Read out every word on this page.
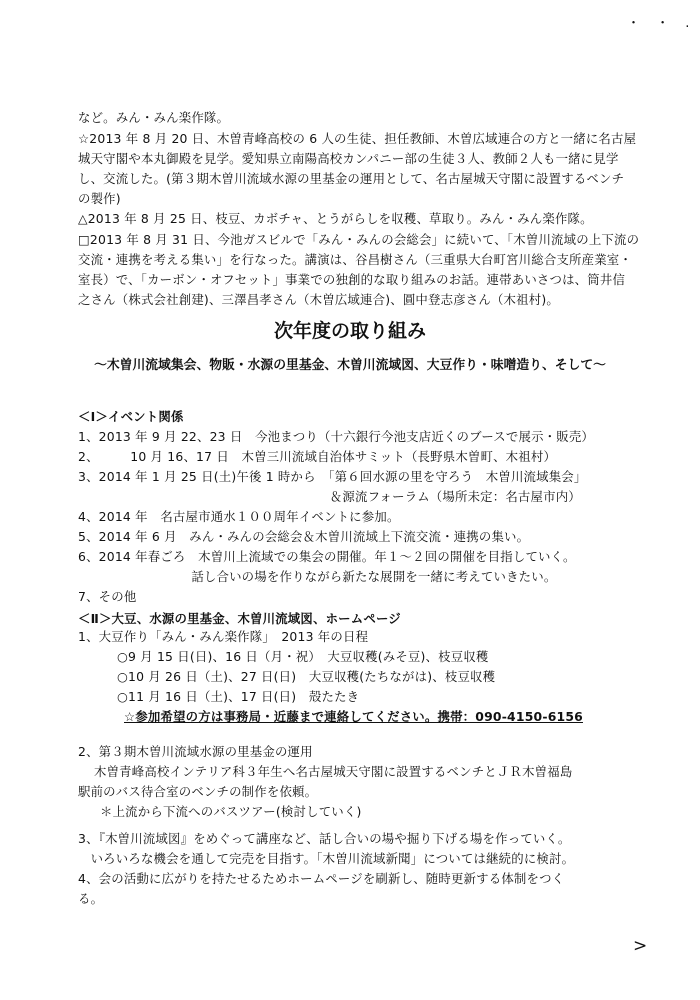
・ ・ .
など。みん・みん楽作隊。
☆2013 年 8 月 20 日、木曽青峰高校の 6 人の生徒、担任教師、木曽広域連合の方と一緒に名古屋
城天守閣や本丸御殿を見学。愛知県立南陽高校カンパニー部の生徒３人、教師２人も一緒に見学
し、交流した。(第３期木曽川流域水源の里基金の運用として、名古屋城天守閣に設置するベンチ
の製作)
△2013 年 8 月 25 日、枝豆、カボチャ、とうがらしを収穫、草取り。みん・みん楽作隊。
□2013 年 8 月 31 日、今池ガスビルで「みん・みんの会総会」に続いて、「木曽川流域の上下流の
交流・連携を考える集い」を行なった。講演は、谷昌樹さん（三重県大台町宮川総合支所産業室・
室長）で、「カーボン・オフセット」事業での独創的な取り組みのお話。連帯あいさつは、筒井信
之さん（株式会社創建)、三澤昌孝さん（木曽広域連合)、圓中登志彦さん（木祖村)。
次年度の取り組み
〜木曽川流域集会、物販・水源の里基金、木曽川流域図、大豆作り・味噌造り、そして〜
＜Ⅰ＞イベント関係
1、2013 年 9 月 22、23 日　今池まつり（十六銀行今池支店近くのブースで展示・販売）
2、　　　10 月 16、17 日　木曽三川流域自治体サミット（長野県木曽町、木祖村）
3、2014 年 1 月 25 日(土)午後 1 時から　「第６回水源の里を守ろう　木曽川流域集会」
　　　　　　　　　　　　　　　　　　　　＆源流フォーラム（場所未定：名古屋市内）
4、2014 年　名古屋市通水１００周年イベントに参加。
5、2014 年 6 月　みん・みんの会総会＆木曽川流域上下流交流・連携の集い。
6、2014 年春ごろ　木曽川上流域での集会の開催。年１～２回の開催を目指していく。
　　　　　　　　　話し合いの場を作りながら新たな展開を一緒に考えていきたい。
7、その他
＜Ⅱ＞大豆、水源の里基金、木曽川流域図、ホームページ
1、大豆作り「みん・みん楽作隊」　2013 年の日程
○9 月 15 日(日)、16 日（月・祝）　大豆収穫(みそ豆)、枝豆収穫
○10 月 26 日（土)、27 日(日)　大豆収穫(たちながは)、枝豆収穫
○11 月 16 日（土)、17 日(日)　殻たたき
☆参加希望の方は事務局・近藤まで連絡してください。携帯：090-4150-6156
2、第３期木曽川流域水源の里基金の運用
木曽青峰高校インテリア科３年生へ名古屋城天守閣に設置するベンチとＪＲ木曽福島
駅前のバス待合室のベンチの制作を依頼。
＊上流から下流へのバスツアー(検討していく)
3、『木曽川流域図』をめぐって講座など、話し合いの場や掘り下げる場を作っていく。
　いろいろな機会を通して完売を目指す。「木曽川流域新聞」については継続的に検討。
4、会の活動に広がりを持たせるためホームページを刷新し、随時更新する体制をつく
る。
>
